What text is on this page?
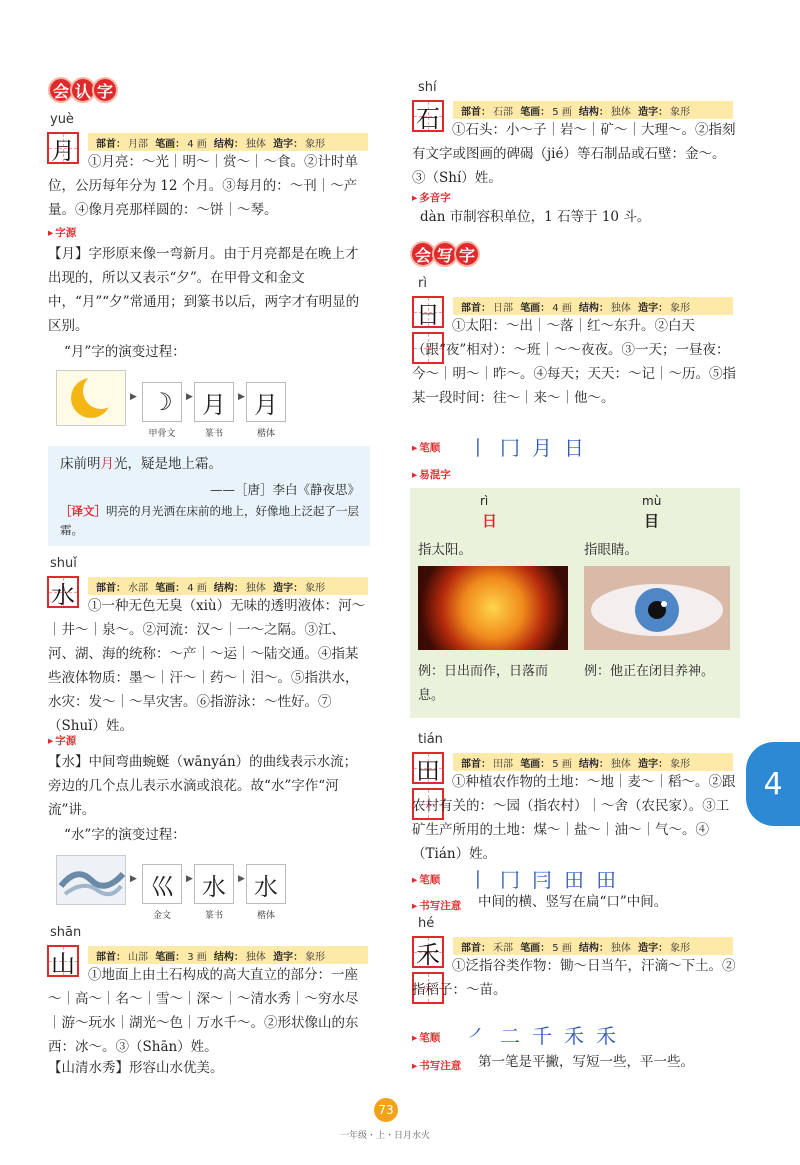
会 认 字
yuè
月 部首： 月部
笔画： 4 画
结构： 独体
造字： 象形
①月亮：～光｜明～｜赏～｜～食。②计时单位，公历每年分为 12 个月。③每月的：～刊｜～产量。④像月亮那样圆的：～饼｜～琴。
▸ 字源
【月】字形原来像一弯新月。由于月亮都是在晚上才出现的，所以又表示“夕”。在甲骨文和金文中，“月”“夕”常通用；到篆书以后，两字才有明显的区别。
“月”字的演变过程：
▶ ☽	▶ 月	▶ 月
甲骨文	篆书	楷体
床前明月光，疑是地上霜。
——［唐］李白《静夜思》
［译文］明亮的月光洒在床前的地上，好像地上泛起了一层霜。
shuǐ
水 部首： 水部
笔画： 4 画
结构： 独体
造字： 象形
①一种无色无臭（xiù）无味的透明液体：河～｜井～｜泉～。②河流：汉～｜一～之隔。③江、河、湖、海的统称：～产｜～运｜～陆交通。④指某些液体物质：墨～｜汗～｜药～｜泪～。⑤指洪水，水灾：发～｜～旱灾害。⑥指游泳：～性好。⑦（Shuǐ）姓。
▸ 字源
【水】中间弯曲蜿蜒（wānyán）的曲线表示水流；旁边的几个点儿表示水滴或浪花。故“水”字作“河流”讲。
“水”字的演变过程：
▶ 巛	▶ 水	▶ 水
金文	篆书	楷体
shān
山 部首： 山部
笔画： 3 画
结构： 独体
造字： 象形
①地面上由土石构成的高大直立的部分：一座～｜高～｜名～｜雪～｜深～｜～清水秀｜～穷水尽｜游～玩水｜湖光～色｜万水千～。②形状像山的东西：冰～。③（Shān）姓。
【山清水秀】形容山水优美。
shí
石 部首： 石部
笔画： 5 画
结构： 独体
造字： 象形
①石头：小～子｜岩～｜矿～｜大理～。②指刻有文字或图画的碑碣（jié）等石制品或石壁：金～。③（Shí）姓。
▸ 多音字
dàn 市制容积单位，1 石等于 10 斗。
会 写 字
rì
日 部首： 日部
笔画： 4 画
结构： 独体
造字： 象形
①太阳：～出｜～落｜红～东升。②白天（跟“夜”相对）：～班｜～～夜夜。③一天；一昼夜：今～｜明～｜昨～。④每天；天天：～记｜～历。⑤指某一段时间：往～｜来～｜他～。
▸ 笔顺 丨 冂 月 日
▸ 易混字
rì
日
指太阳。
例：日出而作，日落而息。
mù
目
指眼睛。
例：他正在闭目养神。
tián
田 部首： 田部
笔画： 5 画
结构： 独体
造字： 象形
①种植农作物的土地：～地｜麦～｜稻～。②跟农村有关的：～园（指农村）｜～舍（农民家）。③工矿生产所用的土地：煤～｜盐～｜油～｜气～。④（Tián）姓。
▸ 笔顺 丨 冂 冃 田 田
▸ 书写注意 中间的横、竖写在扁“口”中间。
hé
禾 部首： 禾部
笔画： 5 画
结构： 独体
造字： 象形
①泛指谷类作物：锄～日当午，汗滴～下土。②指稻子：～苗。
▸ 笔顺 ㇒ 二 千 禾 禾
▸ 书写注意 第一笔是平撇，写短一些，平一些。
4
73
一年级・上・日月水火
